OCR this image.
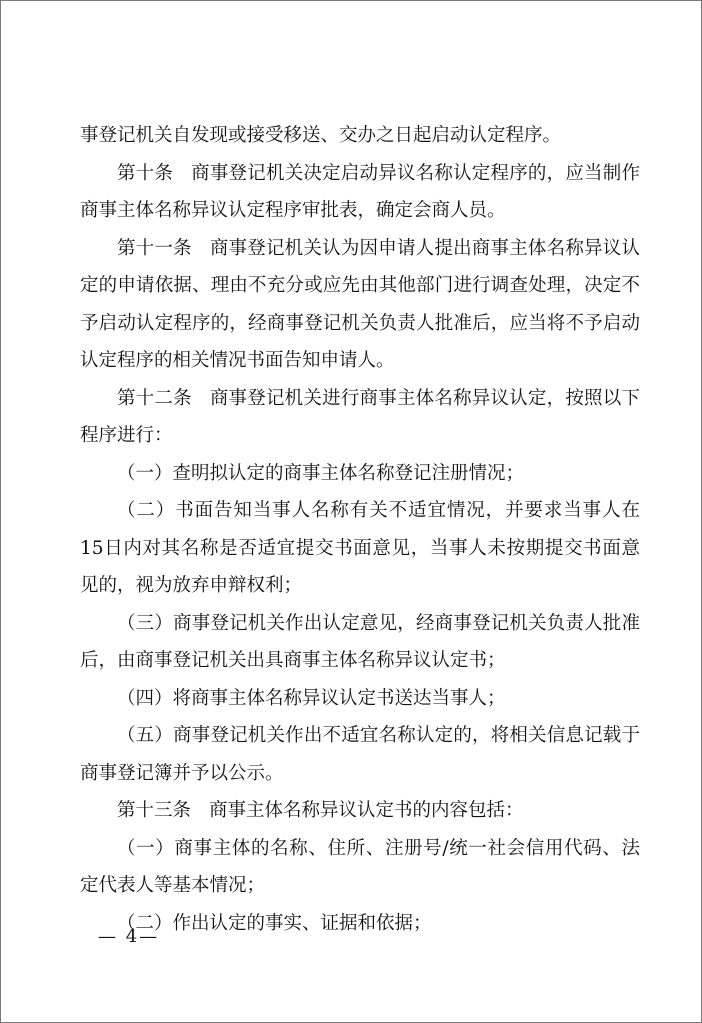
事登记机关自发现或接受移送、交办之日起启动认定程序。

第十条 商事登记机关决定启动异议名称认定程序的，应当制作商事主体名称异议认定程序审批表，确定会商人员。

第十一条 商事登记机关认为因申请人提出商事主体名称异议认定的申请依据、理由不充分或应先由其他部门进行调查处理，决定不予启动认定程序的，经商事登记机关负责人批准后，应当将不予启动认定程序的相关情况书面告知申请人。

第十二条 商事登记机关进行商事主体名称异议认定，按照以下程序进行：

（一）查明拟认定的商事主体名称登记注册情况；

（二）书面告知当事人名称有关不适宜情况，并要求当事人在15日内对其名称是否适宜提交书面意见，当事人未按期提交书面意见的，视为放弃申辩权利；

（三）商事登记机关作出认定意见，经商事登记机关负责人批准后，由商事登记机关出具商事主体名称异议认定书；

（四）将商事主体名称异议认定书送达当事人；

（五）商事登记机关作出不适宜名称认定的，将相关信息记载于商事登记簿并予以公示。

第十三条 商事主体名称异议认定书的内容包括：

（一）商事主体的名称、住所、注册号/统一社会信用代码、法定代表人等基本情况；

（二）作出认定的事实、证据和依据；

— 4—
